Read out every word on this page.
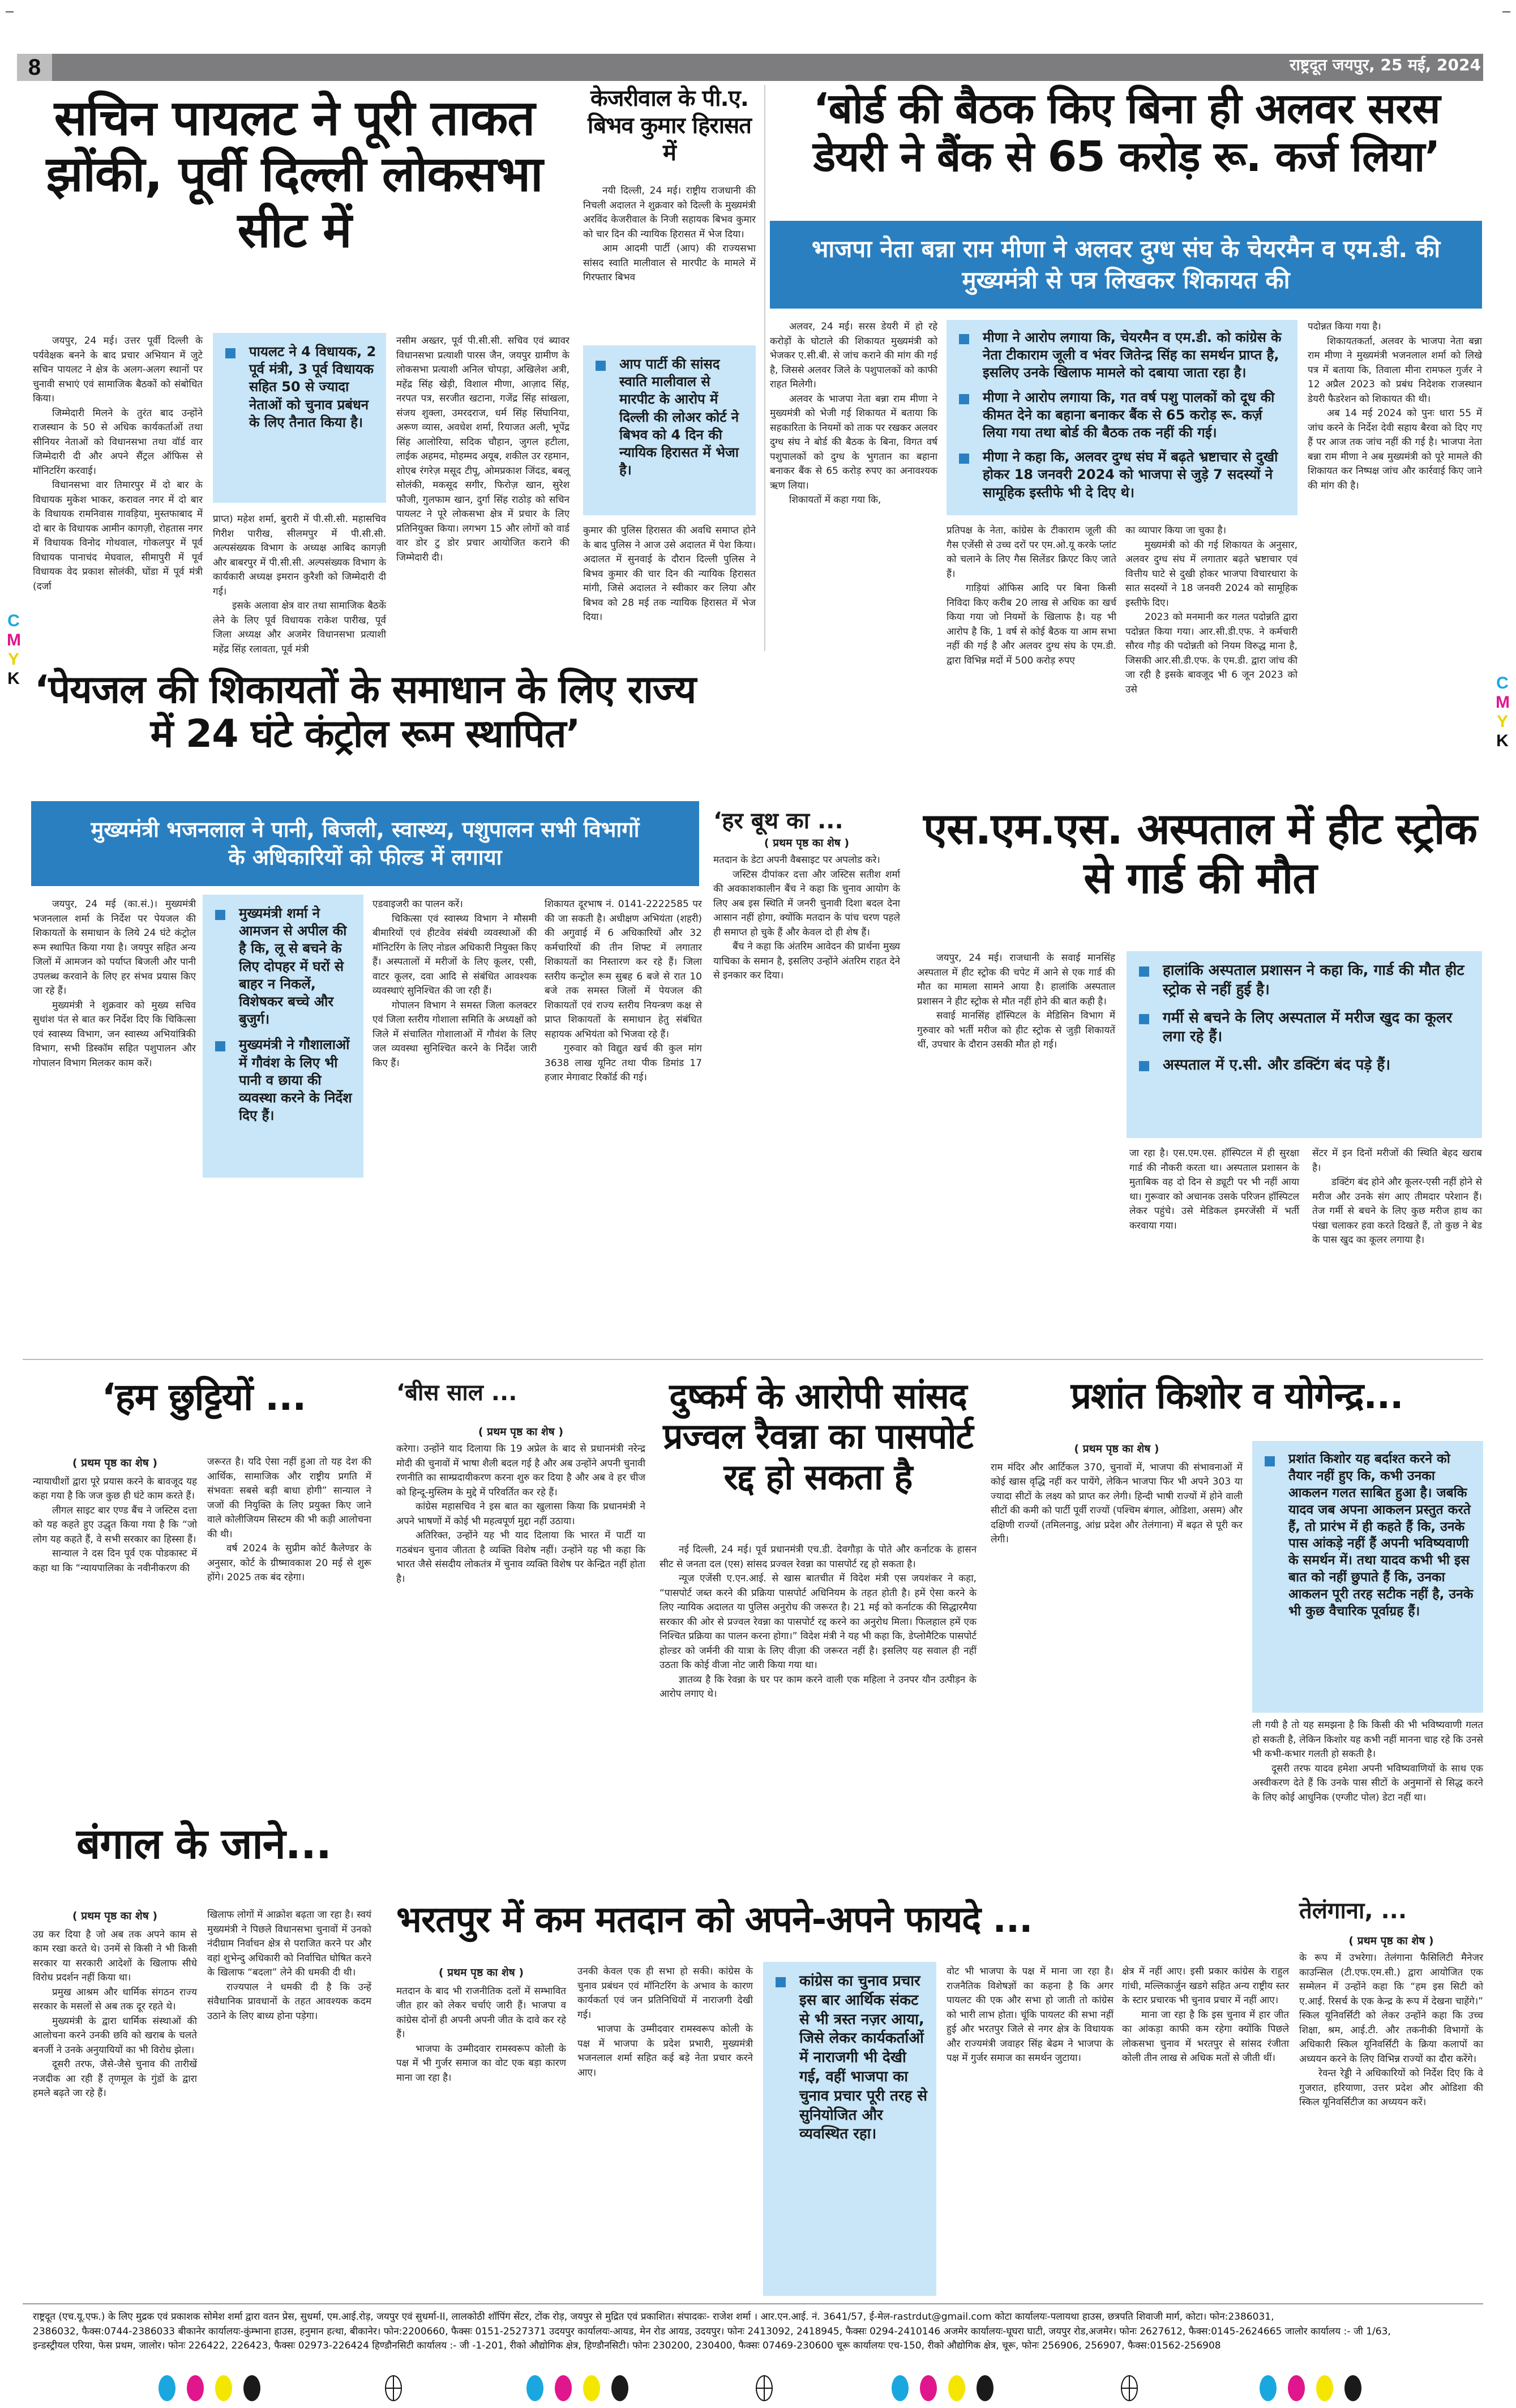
8	राष्ट्रदूत जयपुर, 25 मई, 2024
सचिन पायलट ने पूरी ताकत झोंकी, पूर्वी दिल्ली लोकसभा सीट में

जयपुर, 24 मई। उत्तर पूर्वी दिल्ली के पर्यवेक्षक बनने के बाद प्रचार अभियान में जुटे सचिन पायलट ने क्षेत्र के अलग-अलग स्थानों पर चुनावी सभाएं एवं सामाजिक बैठकों को संबोधित किया।

जिम्मेदारी मिलने के तुरंत बाद उन्होंने राजस्थान के 50 से अधिक कार्यकर्ताओं तथा सीनियर नेताओं को विधानसभा तथा वॉर्ड वार जिम्मेदारी दी और अपने सैंट्रल ऑफिस से मॉनिटरिंग करवाई।

विधानसभा वार तिमारपुर में दो बार के विधायक मुकेश भाकर, करावल नगर में दो बार के विधायक रामनिवास गावड़िया, मुस्तफाबाद में दो बार के विधायक आमीन कागज़ी, रोहतास नगर में विधायक विनोद गोथवाल, गोकलपुर में पूर्व विधायक पानाचंद मेघवाल, सीमापुरी में पूर्व विधायक वेद प्रकाश सोलंकी, घोंडा में पूर्व मंत्री (दर्जा

पायलट ने 4 विधायक, 2 पूर्व मंत्री, 3 पूर्व विधायक सहित 50 से ज्यादा नेताओं को चुनाव प्रबंधन के लिए तैनात किया है।

प्राप्त) महेश शर्मा, बुरारी में पी.सी.सी. महासचिव गिरीश पारीख, सीलमपुर में पी.सी.सी. अल्पसंख्यक विभाग के अध्यक्ष आबिद कागज़ी और बाबरपुर में पी.सी.सी. अल्पसंख्यक विभाग के कार्यकारी अध्यक्ष इमरान कुरैशी को जिम्मेदारी दी गई।

इसके अलावा क्षेत्र वार तथा सामाजिक बैठकें लेने के लिए पूर्व विधायक राकेश पारीख, पूर्व जिला अध्यक्ष और अजमेर विधानसभा प्रत्याशी महेंद्र सिंह रलावता, पूर्व मंत्री

नसीम अख्तर, पूर्व पी.सी.सी. सचिव एवं ब्यावर विधानसभा प्रत्याशी पारस जैन, जयपुर ग्रामीण के लोकसभा प्रत्याशी अनिल चोपड़ा, अखिलेश अत्री, महेंद्र सिंह खेड़ी, विशाल मीणा, आज़ाद सिंह, नरपत पत्र, सरजीत खटाना, गजेंद्र सिंह सांखला, संजय शुक्ला, उमरदराज, धर्म सिंह सिंघानिया, अरूण व्यास, अवधेश शर्मा, रियाजत अली, भूपेंद्र सिंह आलोरिया, सदिक चौहान, जुगल हटीला, लाईक अहमद, मोहम्मद अयूब, शकील उर रहमान, शोएब रंगरेज़ मसूद टीपू, ओमप्रकाश जिंदड, बबलू सोलंकी, मकसूद सगीर, फिरोज़ खान, सुरेश फौजी, गुलफाम खान, दुर्गा सिंह राठोड़ को सचिन पायलट ने पूरे लोकसभा क्षेत्र में प्रचार के लिए प्रतिनियुक्त किया। लगभग 15 और लोगों को वार्ड वार डोर टु डोर प्रचार आयोजित कराने की जिम्मेदारी दी।

केजरीवाल के पी.ए. बिभव कुमार हिरासत में

नयी दिल्ली, 24 मई। राष्ट्रीय राजधानी की निचली अदालत ने शुक्रवार को दिल्ली के मुख्यमंत्री अरविंद केजरीवाल के निजी सहायक बिभव कुमार को चार दिन की न्यायिक हिरासत में भेज दिया।

आम आदमी पार्टी (आप) की राज्यसभा सांसद स्वाति मालीवाल से मारपीट के मामले में गिरफ्तार बिभव

आप पार्टी की सांसद स्वाति मालीवाल से मारपीट के आरोप में दिल्ली की लोअर कोर्ट ने बिभव को 4 दिन की न्यायिक हिरासत में भेजा है।

कुमार की पुलिस हिरासत की अवधि समाप्त होने के बाद पुलिस ने आज उसे अदालत में पेश किया। अदालत में सुनवाई के दौरान दिल्ली पुलिस ने बिभव कुमार की चार दिन की न्यायिक हिरासत मांगी, जिसे अदालत ने स्वीकार कर लिया और बिभव को 28 मई तक न्यायिक हिरासत में भेज दिया।

‘बोर्ड की बैठक किए बिना ही अलवर सरस डेयरी ने बैंक से 65 करोड़ रू. कर्ज लिया’
भाजपा नेता बन्ना राम मीणा ने अलवर दुग्ध संघ के चेयरमैन व एम.डी. की मुख्यमंत्री से पत्र लिखकर शिकायत की

अलवर, 24 मई। सरस डेयरी में हो रहे करोड़ों के घोटाले की शिकायत मुख्यमंत्री को भेजकर ए.सी.बी. से जांच कराने की मांग की गई है, जिससे अलवर जिले के पशुपालकों को काफी राहत मिलेगी।

अलवर के भाजपा नेता बन्ना राम मीणा ने मुख्यमंत्री को भेजी गई शिकायत में बताया कि सहकारिता के नियमों को ताक पर रखकर अलवर दुग्ध संघ ने बोर्ड की बैठक के बिना, विगत वर्ष पशुपालकों को दुग्ध के भुगतान का बहाना बनाकर बैंक से 65 करोड़ रुपए का अनावश्यक ऋण लिया।

शिकायतों में कहा गया कि,

मीणा ने आरोप लगाया कि, चेयरमैन व एम.डी. को कांग्रेस के नेता टीकाराम जूली व भंवर जितेन्द्र सिंह का समर्थन प्राप्त है, इसलिए उनके खिलाफ मामले को दबाया जाता रहा है।
मीणा ने आरोप लगाया कि, गत वर्ष पशु पालकों को दूध की कीमत देने का बहाना बनाकर बैंक से 65 करोड़ रू. कर्ज़ लिया गया तथा बोर्ड की बैठक तक नहीं की गई।
मीणा ने कहा कि, अलवर दुग्ध संघ में बढ़ते भ्रष्टाचार से दुखी होकर 18 जनवरी 2024 को भाजपा से जुड़े 7 सदस्यों ने सामूहिक इस्तीफे भी दे दिए थे।

प्रतिपक्ष के नेता, कांग्रेस के टीकाराम जूली की गैस एजेंसी से उच्च दरों पर एम.ओ.यू करके प्लांट को चलाने के लिए गैस सिलेंडर क्रिएट किए जाते हैं।

गाड़ियां ऑफिस आदि पर बिना किसी निविदा किए करीब 20 लाख से अधिक का खर्च किया गया जो नियमों के खिलाफ है। यह भी आरोप है कि, 1 वर्ष से कोई बैठक या आम सभा नहीं की गई है और अलवर दुग्ध संघ के एम.डी. द्वारा विभिन्न मदों में 500 करोड़ रुपए

का व्यापार किया जा चुका है।

मुख्यमंत्री को की गई शिकायत के अनुसार, अलवर दुग्ध संघ में लगातार बढ़ते भ्रष्टाचार एवं वित्तीय घाटे से दुखी होकर भाजपा विचारधारा के सात सदस्यों ने 18 जनवरी 2024 को सामूहिक इस्तीफे दिए।

2023 को मनमानी कर गलत पदोन्नति द्वारा पदोन्नत किया गया। आर.सी.डी.एफ. ने कर्मचारी सौरव गौड़ की पदोन्नती को नियम विरुद्ध माना है, जिसकी आर.सी.डी.एफ. के एम.डी. द्वारा जांच की जा रही है इसके बावजूद भी 6 जून 2023 को उसे

पदोन्नत किया गया है।

शिकायतकर्ता, अलवर के भाजपा नेता बन्ना राम मीणा ने मुख्यमंत्री भजनलाल शर्मा को लिखे पत्र में बताया कि, तिवाला मीना रामफल गुर्जर ने 12 अप्रैल 2023 को प्रबंध निदेशक राजस्थान डेयरी फैडरेशन को शिकायत की थी।

अब 14 मई 2024 को पुनः धारा 55 में जांच करने के निर्देश देवी सहाय बैरवा को दिए गए हैं पर आज तक जांच नहीं की गई है। भाजपा नेता बन्ना राम मीणा ने अब मुख्यमंत्री को पूरे मामले की शिकायत कर निष्पक्ष जांच और कार्रवाई किए जाने की मांग की है।

C
M
Y
K	C
M
Y
K
‘पेयजल की शिकायतों के समाधान के लिए राज्य में 24 घंटे कंट्रोल रूम स्थापित’
मुख्यमंत्री भजनलाल ने पानी, बिजली, स्वास्थ्य, पशुपालन सभी विभागों के अधिकारियों को फील्ड में लगाया

जयपुर, 24 मई (का.सं.)। मुख्यमंत्री भजनलाल शर्मा के निर्देश पर पेयजल की शिकायतों के समाधान के लिये 24 घंटे कंट्रोल रूम स्थापित किया गया है। जयपुर सहित अन्य जिलों में आमजन को पर्याप्त बिजली और पानी उपलब्ध करवाने के लिए हर संभव प्रयास किए जा रहे हैं।

मुख्यमंत्री ने शुक्रवार को मुख्य सचिव सुधांश पंत से बात कर निर्देश दिए कि चिकित्सा एवं स्वास्थ्य विभाग, जन स्वास्थ्य अभियांत्रिकी विभाग, सभी डिस्कॉम सहित पशुपालन और गोपालन विभाग मिलकर काम करें।

मुख्यमंत्री शर्मा ने आमजन से अपील की है कि, लू से बचने के लिए दोपहर में घरों से बाहर न निकलें, विशेषकर बच्चे और बुजुर्ग।
मुख्यमंत्री ने गौशालाओं में गौवंश के लिए भी पानी व छाया की व्यवस्था करने के निर्देश दिए हैं।

एडवाइजरी का पालन करें।

चिकित्सा एवं स्वास्थ्य विभाग ने मौसमी बीमारियों एवं हीटवेव संबंधी व्यवस्थाओं की मॉनिटरिंग के लिए नोडल अधिकारी नियुक्त किए हैं। अस्पतालों में मरीजों के लिए कूलर, एसी, वाटर कूलर, दवा आदि से संबंधित आवश्यक व्यवस्थाएं सुनिश्चित की जा रही हैं।

गोपालन विभाग ने समस्त जिला कलक्टर एवं जिला स्तरीय गोशाला समिति के अध्यक्षों को जिले में संचालित गोशालाओं में गौवंश के लिए जल व्यवस्था सुनिश्चित करने के निर्देश जारी किए हैं।

शिकायत दूरभाष नं. 0141-2222585 पर की जा सकती है। अधीक्षण अभियंता (शहरी) की अगुवाई में 6 अधिकारियों और 32 कर्मचारियों की तीन शिफ्ट में लगातार शिकायतों का निस्तारण कर रहे हैं। जिला स्तरीय कन्ट्रोल रूम सुबह 6 बजे से रात 10 बजे तक समस्त जिलों में पेयजल की शिकायतों एवं राज्य स्तरीय नियन्त्रण कक्ष से प्राप्त शिकायतों के समाधान हेतु संबंधित सहायक अभियंता को भिजवा रहे हैं।

गुरुवार को विद्युत खर्च की कुल मांग 3638 लाख यूनिट तथा पीक डिमांड 17 हजार मेगावाट रिकॉर्ड की गई।

‘हर बूथ का ...
( प्रथम पृष्ठ का शेष )

मतदान के डेटा अपनी वैबसाइट पर अपलोड करे।

जस्टिस दीपांकर दत्ता और जस्टिस सतीश शर्मा की अवकाशकालीन बैंच ने कहा कि चुनाव आयोग के लिए अब इस स्थिति में जनरी चुनावी दिशा बदल देना आसान नहीं होगा, क्योंकि मतदान के पांच चरण पहले ही समाप्त हो चुके हैं और केवल दो ही शेष हैं।

बैंच ने कहा कि अंतरिम आवेदन की प्रार्थना मुख्य याचिका के समान है, इसलिए उन्होंने अंतरिम राहत देने से इनकार कर दिया।

एस.एम.एस. अस्पताल में हीट स्ट्रोक से गार्ड की मौत

जयपुर, 24 मई। राजधानी के सवाई मानसिंह अस्पताल में हीट स्ट्रोक की चपेट में आने से एक गार्ड की मौत का मामला सामने आया है। हालांकि अस्पताल प्रशासन ने हीट स्ट्रोक से मौत नहीं होने की बात कही है।

सवाई मानसिंह हॉस्पिटल के मेडिसिन विभाग में गुरुवार को भर्ती मरीज को हीट स्ट्रोक से जुड़ी शिकायतें थीं, उपचार के दौरान उसकी मौत हो गई।

हालांकि अस्पताल प्रशासन ने कहा कि, गार्ड की मौत हीट स्ट्रोक से नहीं हुई है।
गर्मी से बचने के लिए अस्पताल में मरीज खुद का कूलर लगा रहे हैं।
अस्पताल में ए.सी. और डक्टिंग बंद पड़े हैं।

जा रहा है। एस.एम.एस. हॉस्पिटल में ही सुरक्षा गार्ड की नौकरी करता था। अस्पताल प्रशासन के मुताबिक वह दो दिन से ड्यूटी पर भी नहीं आया था। गुरूवार को अचानक उसके परिजन हॉस्पिटल लेकर पहुंचे। उसे मेडिकल इमरजेंसी में भर्ती करवाया गया।

सेंटर में इन दिनों मरीजों की स्थिति बेहद खराब है।

डक्टिंग बंद होने और कूलर-एसी नहीं होने से मरीज और उनके संग आए तीमदार परेशान हैं। तेज गर्मी से बचने के लिए कुछ मरीज हाथ का पंखा चलाकर हवा करते दिखते हैं, तो कुछ ने बेड के पास खुद का कूलर लगाया है।

‘हम छुट्टियों ...
( प्रथम पृष्ठ का शेष )

न्यायाधीशों द्वारा पूरे प्रयास करने के बावजूद यह कहा गया है कि जज कुछ ही घंटे काम करते हैं।

लीगल साइट बार एण्ड बैंच ने जस्टिस दत्ता को यह कहते हुए उद्धृत किया गया है कि “जो लोग यह कहते हैं, वे सभी सरकार का हिस्सा हैं।

सान्याल ने दस दिन पूर्व एक पोडकास्ट में कहा था कि “न्यायपालिका के नवीनीकरण की

जरूरत है। यदि ऐसा नहीं हुआ तो यह देश की आर्थिक, सामाजिक और राष्ट्रीय प्रगति में संभवतः सबसे बड़ी बाधा होगी” सान्याल ने जजों की नियुक्ति के लिए प्रयुक्त किए जाने वाले कोलीजियम सिस्टम की भी कड़ी आलोचना की थी।

वर्ष 2024 के सुप्रीम कोर्ट कैलेण्डर के अनुसार, कोर्ट के ग्रीष्मावकाश 20 मई से शुरू होंगे। 2025 तक बंद रहेगा।

‘बीस साल ...
( प्रथम पृष्ठ का शेष )

करेगा। उन्होंने याद दिलाया कि 19 अप्रेल के बाद से प्रधानमंत्री नरेन्द्र मोदी की चुनावों में भाषा शैली बदल गई है और अब उन्होंने अपनी चुनावी रणनीति का साम्प्रदायीकरण करना शुरु कर दिया है और अब वे हर चीज को हिन्दू-मुस्लिम के मुद्दे में परिवर्तित कर रहे हैं।

कांग्रेस महासचिव ने इस बात का खुलासा किया कि प्रधानमंत्री ने अपने भाषणों में कोई भी महत्वपूर्ण मुद्दा नहीं उठाया।

अतिरिक्त, उन्होंने यह भी याद दिलाया कि भारत में पार्टी या गठबंधन चुनाव जीतता है व्यक्ति विशेष नहीं। उन्होंने यह भी कहा कि भारत जैसे संसदीय लोकतंत्र में चुनाव व्यक्ति विशेष पर केन्द्रित नहीं होता है।

दुष्कर्म के आरोपी सांसद प्रज्वल रैवन्ना का पासपोर्ट रद्द हो सकता है

नई दिल्ली, 24 मई। पूर्व प्रधानमंत्री एच.डी. देवगौड़ा के पोते और कर्नाटक के हासन सीट से जनता दल (एस) सांसद प्रज्वल रेवन्ना का पासपोर्ट रद्द हो सकता है।

न्यूज एजेंसी ए.एन.आई. से खास बातचीत में विदेश मंत्री एस जयशंकर ने कहा, “पासपोर्ट जब्त करने की प्रक्रिया पासपोर्ट अधिनियम के तहत होती है। हमें ऐसा करने के लिए न्यायिक अदालत या पुलिस अनुरोध की जरूरत है। 21 मई को कर्नाटक की सिद्धारमैया सरकार की ओर से प्रज्वल रेवन्ना का पासपोर्ट रद्द करने का अनुरोध मिला। फिलहाल हमें एक निश्चित प्रक्रिया का पालन करना होगा।” विदेश मंत्री ने यह भी कहा कि, डेप्लोमैटिक पासपोर्ट होल्डर को जर्मनी की यात्रा के लिए वीज़ा की जरूरत नहीं है। इसलिए यह सवाल ही नहीं उठता कि कोई वीजा नोट जारी किया गया था।

ज्ञातव्य है कि रेवन्ना के घर पर काम करने वाली एक महिला ने उनपर यौन उत्पीड़न के आरोप लगाए थे।

प्रशांत किशोर व योगेन्द्र...
( प्रथम पृष्ठ का शेष )

राम मंदिर और आर्टिकल 370, चुनावों में, भाजपा की संभावनाओं में कोई खास वृद्धि नहीं कर पायेंगे, लेकिन भाजपा फिर भी अपने 303 या ज्यादा सीटों के लक्ष्य को प्राप्त कर लेगी। हिन्दी भाषी राज्यों में होने वाली सीटों की कमी को पार्टी पूर्वी राज्यों (पश्चिम बंगाल, ओडिशा, असम) और दक्षिणी राज्यों (तमिलनाडु, आंध्र प्रदेश और तेलंगाना) में बढ़त से पूरी कर लेगी।

प्रशांत किशोर यह बर्दाश्त करने को तैयार नहीं हुए कि, कभी उनका आकलन गलत साबित हुआ है। जबकि यादव जब अपना आकलन प्रस्तुत करते हैं, तो प्रारंभ में ही कहते हैं कि, उनके पास आंकड़े नहीं हैं अपनी भविष्यवाणी के समर्थन में। तथा यादव कभी भी इस बात को नहीं छुपाते हैं कि, उनका आकलन पूरी तरह सटीक नहीं है, उनके भी कुछ वैचारिक पूर्वाग्रह हैं।

ली गयी है तो यह समझना है कि किसी की भी भविष्यवाणी गलत हो सकती है, लेकिन किशोर यह कभी नहीं मानना चाह रहे कि उनसे भी कभी-कभार गलती हो सकती है।

दूसरी तरफ यादव हमेशा अपनी भविष्यवाणियों के साथ एक अस्वीकरण देते हैं कि उनके पास सीटों के अनुमानों से सिद्ध करने के लिए कोई आधुनिक (एग्जीट पोल) डेटा नहीं था।

बंगाल के जाने...
( प्रथम पृष्ठ का शेष )

उग्र कर दिया है जो अब तक अपने काम से काम रखा करते थे। उनमें से किसी ने भी किसी सरकार या सरकारी आदेशों के खिलाफ सीधे विरोध प्रदर्शन नहीं किया था।

प्रमुख आश्रम और धार्मिक संगठन राज्य सरकार के मसलों से अब तक दूर रहते थे।

मुख्यमंत्री के द्वारा धार्मिक संस्थाओं की आलोचना करने उनकी छवि को खराब के चलते बनर्जी ने उनके अनुयायियों का भी विरोध झेला।

दूसरी तरफ, जैसे-जैसे चुनाव की तारीखें नजदीक आ रही हैं तृणमूल के गुंडों के द्वारा हमले बढ़ते जा रहे हैं।

खिलाफ लोगों में आक्रोश बढ़ता जा रहा है। स्वयं मुख्यमंत्री ने पिछले विधानसभा चुनावों में उनको नंदीग्राम निर्वाचन क्षेत्र से पराजित करने पर और वहां शुभेन्दु अधिकारी को निर्वाचित घोषित करने के खिलाफ “बदला” लेने की धमकी दी थी।

राज्यपाल ने धमकी दी है कि उन्हें संवैधानिक प्रावधानों के तहत आवश्यक कदम उठाने के लिए बाध्य होना पड़ेगा।

भरतपुर में कम मतदान को अपने-अपने फायदे ...
( प्रथम पृष्ठ का शेष )

मतदान के बाद भी राजनीतिक दलों में सम्भावित जीत हार को लेकर चर्चाएं जारी हैं। भाजपा व कांग्रेस दोनों ही अपनी अपनी जीत के दावे कर रहे हैं।

भाजपा के उम्मीदवार रामस्वरूप कोली के पक्ष में भी गुर्जर समाज का वोट एक बड़ा कारण माना जा रहा है।

उनकी केवल एक ही सभा हो सकी। कांग्रेस के चुनाव प्रबंधन एवं मॉनिटरिंग के अभाव के कारण कार्यकर्ता एवं जन प्रतिनिधियों में नाराजगी देखी गई।

भाजपा के उम्मीदवार रामस्वरूप कोली के पक्ष में भाजपा के प्रदेश प्रभारी, मुख्यमंत्री भजनलाल शर्मा सहित कई बड़े नेता प्रचार करने आए।

कांग्रेस का चुनाव प्रचार इस बार आर्थिक संकट से भी त्रस्त नज़र आया, जिसे लेकर कार्यकर्ताओं में नाराजगी भी देखी गई, वहीं भाजपा का चुनाव प्रचार पूरी तरह से सुनियोजित और व्यवस्थित रहा।

वोट भी भाजपा के पक्ष में माना जा रहा है। राजनैतिक विशेषज्ञों का कहना है कि अगर पायलट की एक और सभा हो जाती तो कांग्रेस को भारी लाभ होता। चूंकि पायलट की सभा नहीं हुई और भरतपुर जिले से नगर क्षेत्र के विधायक और राज्यमंत्री जवाहर सिंह बेढम ने भाजपा के पक्ष में गुर्जर समाज का समर्थन जुटाया।

क्षेत्र में नहीं आए। इसी प्रकार कांग्रेस के राहुल गांधी, मल्लिकार्जुन खडगे सहित अन्य राष्ट्रीय स्तर के स्टार प्रचारक भी चुनाव प्रचार में नहीं आए।

माना जा रहा है कि इस चुनाव में हार जीत का आंकड़ा काफी कम रहेगा क्योंकि पिछले लोकसभा चुनाव में भरतपुर से सांसद रंजीता कोली तीन लाख से अधिक मतों से जीती थीं।

तेलंगाना, ...
( प्रथम पृष्ठ का शेष )

के रूप में उभरेगा। तेलंगाना फैसिलिटी मैनेजर काउन्सिल (टी.एफ.एम.सी.) द्वारा आयोजित एक सम्मेलन में उन्होंने कहा कि “हम इस सिटी को ए.आई. रिसर्च के एक केन्द्र के रूप में देखना चाहेंगे।” स्किल यूनिवर्सिटी को लेकर उन्होंने कहा कि उच्च शिक्षा, श्रम, आई.टी. और तकनीकी विभागों के अधिकारी स्किल यूनिवर्सिटी के क्रिया कलापों का अध्ययन करने के लिए विभिन्न राज्यों का दौरा करेंगे।

रेवन्त रेड्डी ने अधिकारियों को निर्देश दिए कि वे गुजरात, हरियाणा, उत्तर प्रदेश और ओडिशा की स्किल यूनिवर्सिटीज का अध्ययन करें।

राष्ट्रदूत (एच.यू.एफ.) के लिए मुद्रक एवं प्रकाशक सोमेश शर्मा द्वारा वतन प्रेस, सुधर्मा, एम.आई.रोड़, जयपुर एवं सुधर्मा-II, लालकोठी शॉपिंग सेंटर, टोंक रोड़, जयपुर से मुद्रित एवं प्रकाशित। संपादकः- राजेश शर्मा । आर.एन.आई. नं. 3641/57, ई-मेल-rastrdut@gmail.com कोटा कार्यालयः-पलायथा हाउस, छत्रपति शिवाजी मार्ग, कोटा। फोन:2386031,
2386032, फैक्स:0744-2386033 बीकानेर कार्यालयः-कुंम्भाना हाउस, हनुमान हत्था, बीकानेर। फोन:2200660, फैक्सः 0151-2527371 उदयपुर कार्यालयः-आयड, मेन रोड आयड, उदयपुर। फोनः 2413092, 2418945, फैक्सः 0294-2410146 अजमेर कार्यालयः-घूघरा घाटी, जयपुर रोड,अजमेर। फोनः 2627612, फैक्स:0145-2624665 जालोर कार्यालय :- जी 1/63,
इन्डस्ट्रीयल एरिया, फेस प्रथम, जालोर। फोनः 226422, 226423, फैक्सः 02973-226424 हिण्डौनसिटी कार्यालय :- जी -1-201, रीको औद्योगिक क्षेत्र, हिण्डौनसिटी। फोनः 230200, 230400, फैक्सः 07469-230600 चूरू कार्यालयः एच-150, रीको औद्योगिक क्षेत्र, चूरू, फोनः 256906, 256907, फैक्स:01562-256908
